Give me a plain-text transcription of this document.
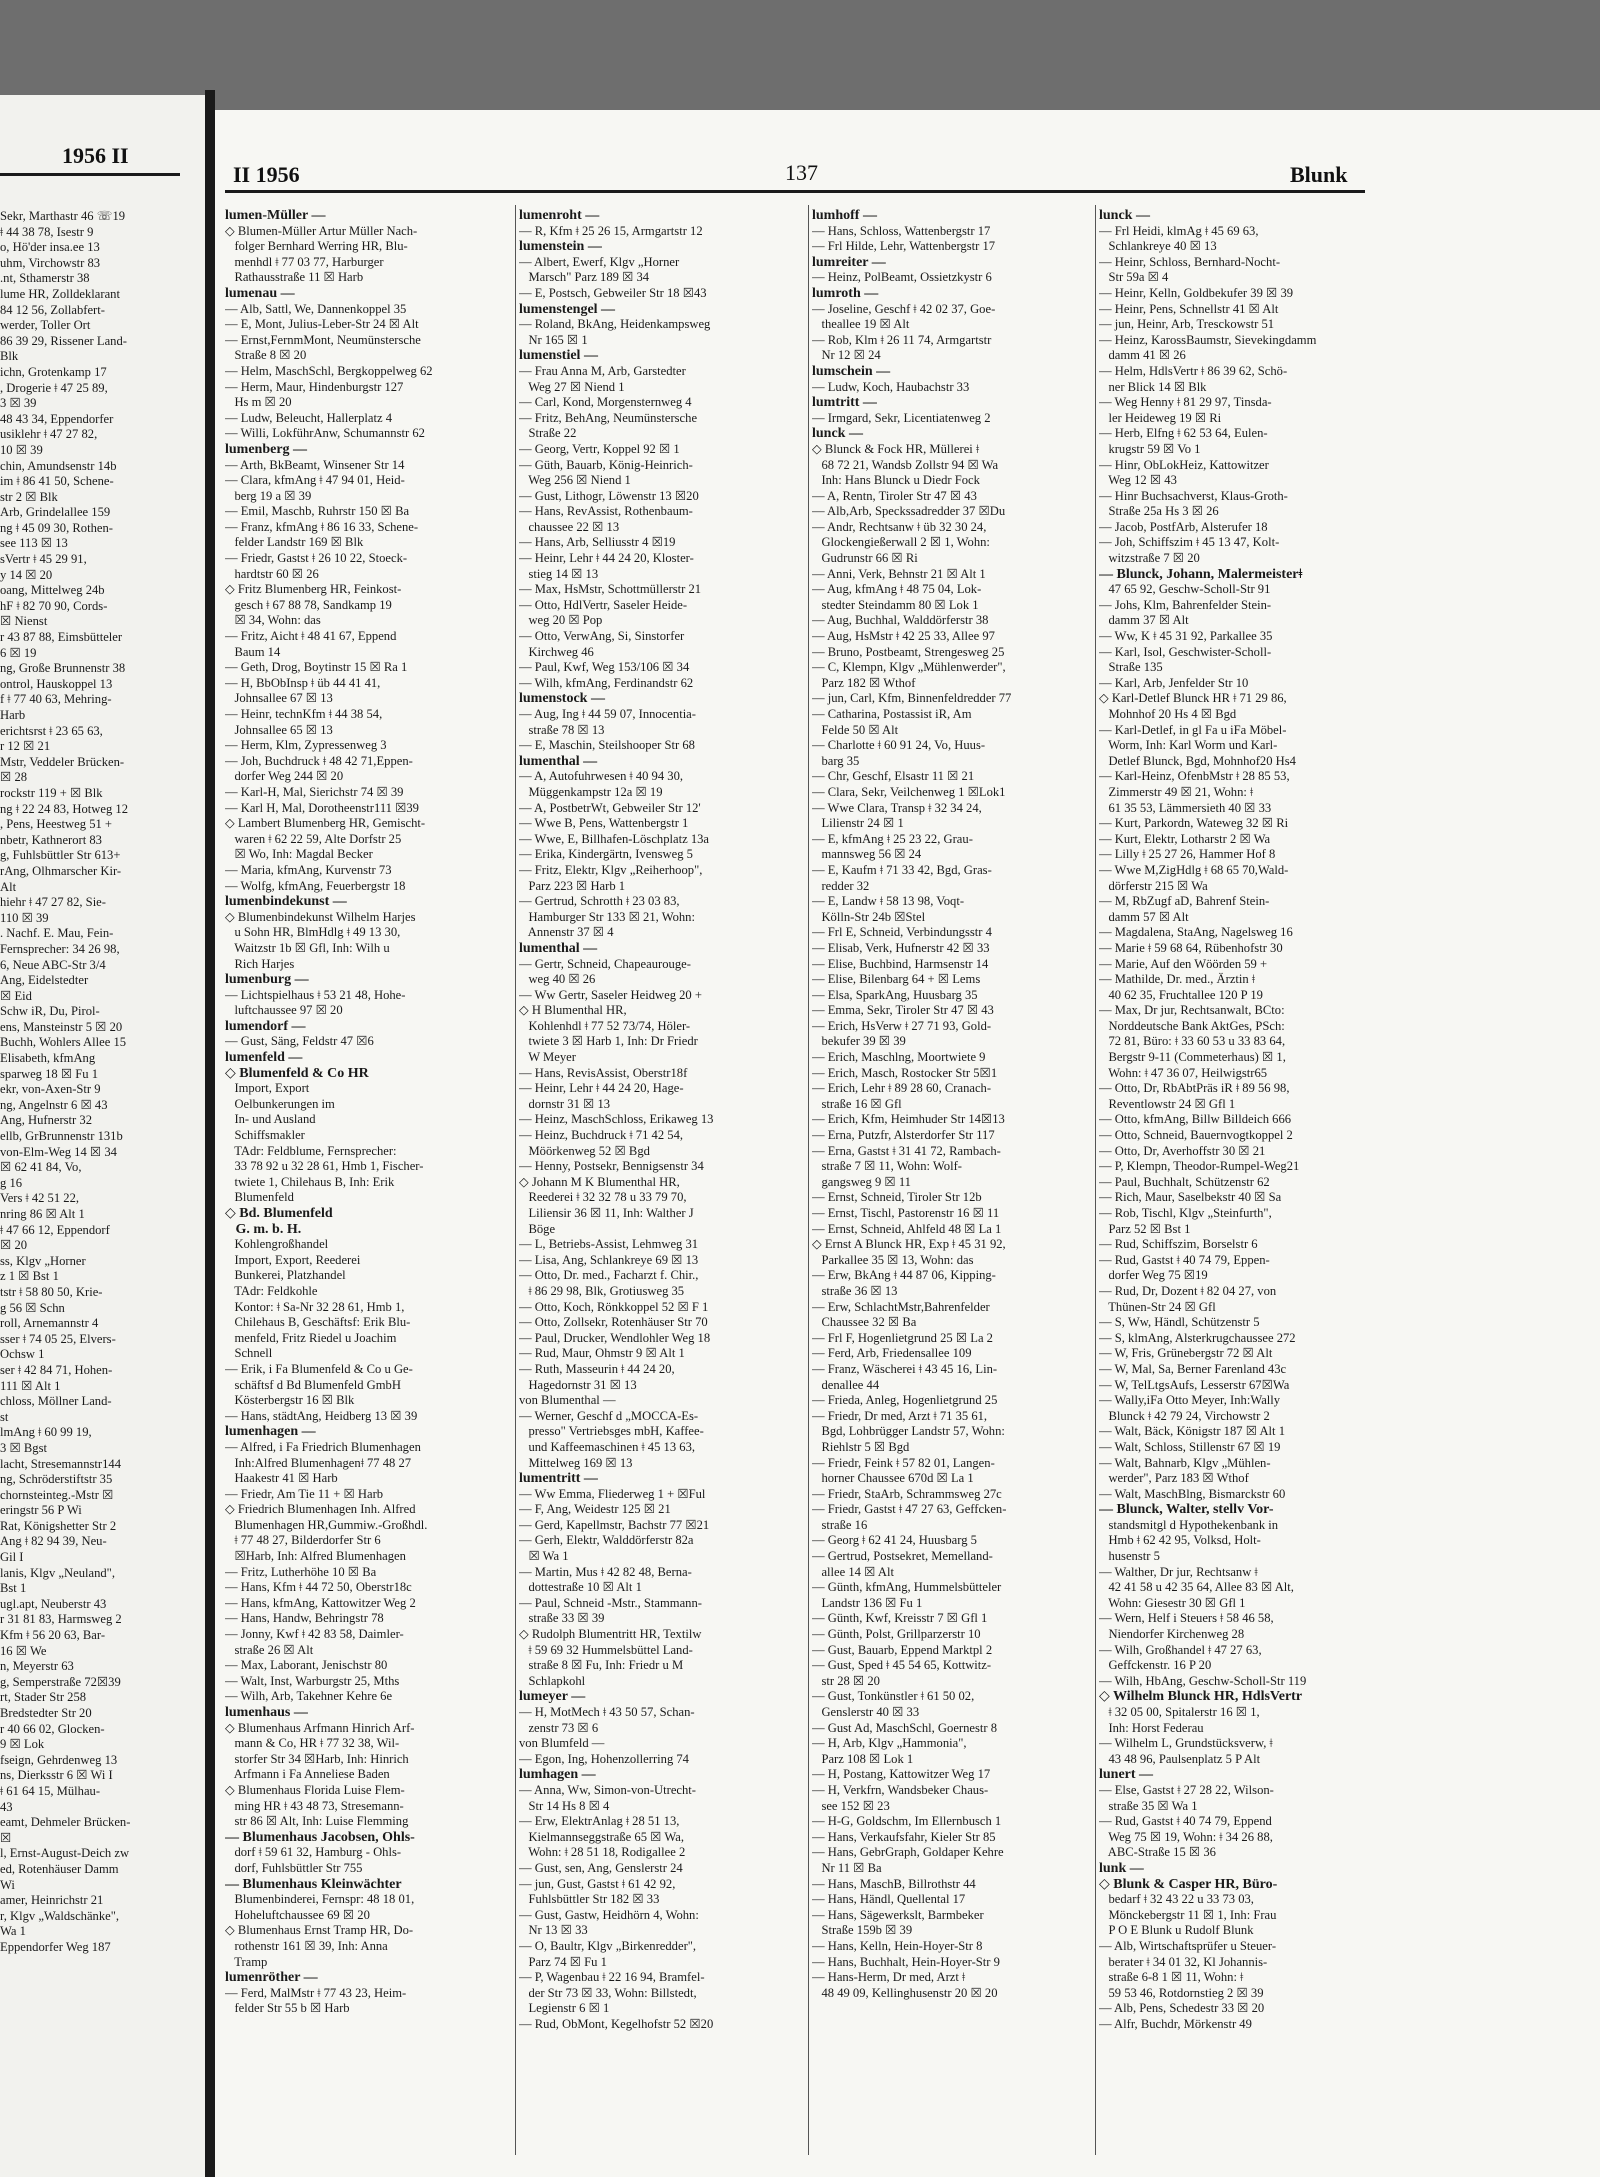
1956 II
Sekr, Marthastr 46 ☏19
ǂ 44 38 78, Isestr 9
o, Hö'der insa.ee 13
uhm, Virchowstr 83
.nt, Sthamerstr 38
lume HR, Zolldeklarant
84 12 56, Zollabfert-
werder, Toller Ort
86 39 29, Rissener Land-
Blk
ichn, Grotenkamp 17
, Drogerie ǂ 47 25 89,
3 ☒ 39
48 43 34, Eppendorfer
usiklehr ǂ 47 27 82,
10 ☒ 39
chin, Amundsenstr 14b
im ǂ 86 41 50, Schene-
str 2 ☒ Blk
Arb, Grindelallee 159
ng ǂ 45 09 30, Rothen-
see 113 ☒ 13
sVertr ǂ 45 29 91,
y 14 ☒ 20
oang, Mittelweg 24b
hF ǂ 82 70 90, Cords-
☒ Nienst
r 43 87 88, Eimsbütteler
6 ☒ 19
ng, Große Brunnenstr 38
ontrol, Hauskoppel 13
f ǂ 77 40 63, Mehring-
Harb
erichtsrst ǂ 23 65 63,
r 12 ☒ 21
Mstr, Veddeler Brücken-
☒ 28
rockstr 119 + ☒ Blk
ng ǂ 22 24 83, Hotweg 12
, Pens, Heestweg 51 +
nbetr, Kathnerort 83
g, Fuhlsbüttler Str 613+
rAng, Olhmarscher Kir-
Alt
hiehr ǂ 47 27 82, Sie-
110 ☒ 39
. Nachf. E. Mau, Fein-
Fernsprecher: 34 26 98,
6, Neue ABC-Str 3/4
Ang, Eidelstedter
☒ Eid
Schw iR, Du, Pirol-
ens, Mansteinstr 5 ☒ 20
Buchh, Wohlers Allee 15
Elisabeth, kfmAng
sparweg 18 ☒ Fu 1
ekr, von-Axen-Str 9
ng, Angelnstr 6 ☒ 43
Ang, Hufnerstr 32
ellb, GrBrunnenstr 131b
von-Elm-Weg 14 ☒ 34
☒ 62 41 84, Vo,
g 16
Vers ǂ 42 51 22,
nring 86 ☒ Alt 1
ǂ 47 66 12, Eppendorf
☒ 20
ss, Klgv „Horner
z 1 ☒ Bst 1
tstr ǂ 58 80 50, Krie-
g 56 ☒ Schn
roll, Arnemannstr 4
sser ǂ 74 05 25, Elvers-
Ochsw 1
ser ǂ 42 84 71, Hohen-
111 ☒ Alt 1
chloss, Möllner Land-
st
lmAng ǂ 60 99 19,
3 ☒ Bgst
lacht, Stresemannstr144
ng, Schröderstiftstr 35
chornsteinteg.-Mstr ☒
eringstr 56 P Wi
Rat, Königshetter Str 2
Ang ǂ 82 94 39, Neu-
Gil I
lanis, Klgv „Neuland",
Bst 1
ugl.apt, Neuberstr 43
r 31 81 83, Harmsweg 2
Kfm ǂ 56 20 63, Bar-
16 ☒ We
n, Meyerstr 63
g, Semperstraße 72☒39
rt, Stader Str 258
Bredstedter Str 20
r 40 66 02, Glocken-
9 ☒ Lok
fseign, Gehrdenweg 13
ns, Dierksstr 6 ☒ Wi I
ǂ 61 64 15, Mülhau-
43
eamt, Dehmeler Brücken-
☒
l, Ernst-August-Deich zw
ed, Rotenhäuser Damm
Wi
amer, Heinrichstr 21
r, Klgv „Waldschänke",
Wa 1
Eppendorfer Weg 187
II 1956	137	Blunk
lumen-Müller —
◇ Blumen-Müller Artur Müller Nach-
folger Bernhard Werring HR, Blu-
menhdl ǂ 77 03 77, Harburger
Rathausstraße 11 ☒ Harb
lumenau —
— Alb, Sattl, We, Dannenkoppel 35
— E, Mont, Julius-Leber-Str 24 ☒ Alt
— Ernst,FernmMont, Neumünstersche
Straße 8 ☒ 20
— Helm, MaschSchl, Bergkoppelweg 62
— Herm, Maur, Hindenburgstr 127
Hs m ☒ 20
— Ludw, Beleucht, Hallerplatz 4
— Willi, LokführAnw, Schumannstr 62
lumenberg —
— Arth, BkBeamt, Winsener Str 14
— Clara, kfmAng ǂ 47 94 01, Heid-
berg 19 a ☒ 39
— Emil, Maschb, Ruhrstr 150 ☒ Ba
— Franz, kfmAng ǂ 86 16 33, Schene-
felder Landstr 169 ☒ Blk
— Friedr, Gastst ǂ 26 10 22, Stoeck-
hardtstr 60 ☒ 26
◇ Fritz Blumenberg HR, Feinkost-
gesch ǂ 67 88 78, Sandkamp 19
☒ 34, Wohn: das
— Fritz, Aicht ǂ 48 41 67, Eppend
Baum 14
— Geth, Drog, Boytinstr 15 ☒ Ra 1
— H, BbObInsp ǂ üb 44 41 41,
Johnsallee 67 ☒ 13
— Heinr, technKfm ǂ 44 38 54,
Johnsallee 65 ☒ 13
— Herm, Klm, Zypressenweg 3
— Joh, Buchdruck ǂ 48 42 71,Eppen-
dorfer Weg 244 ☒ 20
— Karl-H, Mal, Sierichstr 74 ☒ 39
— Karl H, Mal, Dorotheenstr111 ☒39
◇ Lambert Blumenberg HR, Gemischt-
waren ǂ 62 22 59, Alte Dorfstr 25
☒ Wo, Inh: Magdal Becker
— Maria, kfmAng, Kurvenstr 73
— Wolfg, kfmAng, Feuerbergstr 18
lumenbindekunst —
◇ Blumenbindekunst Wilhelm Harjes
u Sohn HR, BlmHdlg ǂ 49 13 30,
Waitzstr 1b ☒ Gfl, Inh: Wilh u
Rich Harjes
lumenburg —
— Lichtspielhaus ǂ 53 21 48, Hohe-
luftchaussee 97 ☒ 20
lumendorf —
— Gust, Säng, Feldstr 47 ☒6
lumenfeld —
◇ Blumenfeld & Co HR
Import, Export
Oelbunkerungen im
In- und Ausland
Schiffsmakler
TAdr: Feldblume, Fernsprecher:
33 78 92 u 32 28 61, Hmb 1, Fischer-
twiete 1, Chilehaus B, Inh: Erik
Blumenfeld
◇ Bd. Blumenfeld
G. m. b. H.
Kohlengroßhandel
Import, Export, Reederei
Bunkerei, Platzhandel
TAdr: Feldkohle
Kontor: ǂ Sa-Nr 32 28 61, Hmb 1,
Chilehaus B, Geschäftsf: Erik Blu-
menfeld, Fritz Riedel u Joachim
Schnell
— Erik, i Fa Blumenfeld & Co u Ge-
schäftsf d Bd Blumenfeld GmbH
Kösterbergstr 16 ☒ Blk
— Hans, städtAng, Heidberg 13 ☒ 39
lumenhagen —
— Alfred, i Fa Friedrich Blumenhagen
Inh:Alfred Blumenhagenǂ 77 48 27
Haakestr 41 ☒ Harb
— Friedr, Am Tie 11 + ☒ Harb
◇ Friedrich Blumenhagen Inh. Alfred
Blumenhagen HR,Gummiw.-Großhdl.
ǂ 77 48 27, Bilderdorfer Str 6
☒Harb, Inh: Alfred Blumenhagen
— Fritz, Lutherhöhe 10 ☒ Ba
— Hans, Kfm ǂ 44 72 50, Oberstr18c
— Hans, kfmAng, Kattowitzer Weg 2
— Hans, Handw, Behringstr 78
— Jonny, Kwf ǂ 42 83 58, Daimler-
straße 26 ☒ Alt
— Max, Laborant, Jenischstr 80
— Walt, Inst, Warburgstr 25, Mths
— Wilh, Arb, Takehner Kehre 6e
lumenhaus —
◇ Blumenhaus Arfmann Hinrich Arf-
mann & Co, HR ǂ 77 32 38, Wil-
storfer Str 34 ☒Harb, Inh: Hinrich
Arfmann i Fa Anneliese Baden
◇ Blumenhaus Florida Luise Flem-
ming HR ǂ 43 48 73, Stresemann-
str 86 ☒ Alt, Inh: Luise Flemming
— Blumenhaus Jacobsen, Ohls-
dorf ǂ 59 61 32, Hamburg - Ohls-
dorf, Fuhlsbüttler Str 755
— Blumenhaus Kleinwächter
Blumenbinderei, Fernspr: 48 18 01,
Hoheluftchaussee 69 ☒ 20
◇ Blumenhaus Ernst Tramp HR, Do-
rothenstr 161 ☒ 39, Inh: Anna
Tramp
lumenröther —
— Ferd, MalMstr ǂ 77 43 23, Heim-
felder Str 55 b ☒ Harb
lumenroht —
— R, Kfm ǂ 25 26 15, Armgartstr 12
lumenstein —
— Albert, Ewerf, Klgv „Horner
Marsch" Parz 189 ☒ 34
— E, Postsch, Gebweiler Str 18 ☒43
lumenstengel —
— Roland, BkAng, Heidenkampsweg
Nr 165 ☒ 1
lumenstiel —
— Frau Anna M, Arb, Garstedter
Weg 27 ☒ Niend 1
— Carl, Kond, Morgensternweg 4
— Fritz, BehAng, Neumünstersche
Straße 22
— Georg, Vertr, Koppel 92 ☒ 1
— Güth, Bauarb, König-Heinrich-
Weg 256 ☒ Niend 1
— Gust, Lithogr, Löwenstr 13 ☒20
— Hans, RevAssist, Rothenbaum-
chaussee 22 ☒ 13
— Hans, Arb, Selliusstr 4 ☒19
— Heinr, Lehr ǂ 44 24 20, Kloster-
stieg 14 ☒ 13
— Max, HsMstr, Schottmüllerstr 21
— Otto, HdlVertr, Saseler Heide-
weg 20 ☒ Pop
— Otto, VerwAng, Si, Sinstorfer
Kirchweg 46
— Paul, Kwf, Weg 153/106 ☒ 34
— Wilh, kfmAng, Ferdinandstr 62
lumenstock —
— Aug, Ing ǂ 44 59 07, Innocentia-
straße 78 ☒ 13
— E, Maschin, Steilshooper Str 68
lumenthal —
— A, Autofuhrwesen ǂ 40 94 30,
Müggenkampstr 12a ☒ 19
— A, PostbetrWt, Gebweiler Str 12'
— Wwe B, Pens, Wattenbergstr 1
— Wwe, E, Billhafen-Löschplatz 13a
— Erika, Kindergärtn, Ivensweg 5
— Fritz, Elektr, Klgv „Reiherhoop",
Parz 223 ☒ Harb 1
— Gertrud, Schrotth ǂ 23 03 83,
Hamburger Str 133 ☒ 21, Wohn:
Annenstr 37 ☒ 4
lumenthal —
— Gertr, Schneid, Chapeaurouge-
weg 40 ☒ 26
— Ww Gertr, Saseler Heidweg 20 +
◇ H Blumenthal HR,
Kohlenhdl ǂ 77 52 73/74, Höler-
twiete 3 ☒ Harb 1, Inh: Dr Friedr
W Meyer
— Hans, RevisAssist, Oberstr18f
— Heinr, Lehr ǂ 44 24 20, Hage-
dornstr 31 ☒ 13
— Heinz, MaschSchloss, Erikaweg 13
— Heinz, Buchdruck ǂ 71 42 54,
Möörkenweg 52 ☒ Bgd
— Henny, Postsekr, Bennigsenstr 34
◇ Johann M K Blumenthal HR,
Reederei ǂ 32 32 78 u 33 79 70,
Liliensir 36 ☒ 11, Inh: Walther J
Böge
— L, Betriebs-Assist, Lehmweg 31
— Lisa, Ang, Schlankreye 69 ☒ 13
— Otto, Dr. med., Facharzt f. Chir.,
ǂ 86 29 98, Blk, Grotiusweg 35
— Otto, Koch, Rönkkoppel 52 ☒ F 1
— Otto, Zollsekr, Rotenhäuser Str 70
— Paul, Drucker, Wendlohler Weg 18
— Rud, Maur, Ohmstr 9 ☒ Alt 1
— Ruth, Masseurin ǂ 44 24 20,
Hagedornstr 31 ☒ 13
von Blumenthal —
— Werner, Geschf d „MOCCA-Es-
presso" Vertriebsges mbH, Kaffee-
und Kaffeemaschinen ǂ 45 13 63,
Mittelweg 169 ☒ 13
lumentritt —
— Ww Emma, Fliederweg 1 + ☒Ful
— F, Ang, Weidestr 125 ☒ 21
— Gerd, Kapellmstr, Bachstr 77 ☒21
— Gerh, Elektr, Walddörferstr 82a
☒ Wa 1
— Martin, Mus ǂ 42 82 48, Berna-
dottestraße 10 ☒ Alt 1
— Paul, Schneid -Mstr., Stammann-
straße 33 ☒ 39
◇ Rudolph Blumentritt HR, Textilw
ǂ 59 69 32 Hummelsbüttel Land-
straße 8 ☒ Fu, Inh: Friedr u M
Schlapkohl
lumeyer —
— H, MotMech ǂ 43 50 57, Schan-
zenstr 73 ☒ 6
von Blumfeld —
— Egon, Ing, Hohenzollerring 74
lumhagen —
— Anna, Ww, Simon-von-Utrecht-
Str 14 Hs 8 ☒ 4
— Erw, ElektrAnlag ǂ 28 51 13,
Kielmannseggstraße 65 ☒ Wa,
Wohn: ǂ 28 51 18, Rodigallee 2
— Gust, sen, Ang, Genslerstr 24
— jun, Gust, Gastst ǂ 61 42 92,
Fuhlsbüttler Str 182 ☒ 33
— Gust, Gastw, Heidhörn 4, Wohn:
Nr 13 ☒ 33
— O, Baultr, Klgv „Birkenredder",
Parz 74 ☒ Fu 1
— P, Wagenbau ǂ 22 16 94, Bramfel-
der Str 73 ☒ 33, Wohn: Billstedt,
Legienstr 6 ☒ 1
— Rud, ObMont, Kegelhofstr 52 ☒20
lumhoff —
— Hans, Schloss, Wattenbergstr 17
— Frl Hilde, Lehr, Wattenbergstr 17
lumreiter —
— Heinz, PolBeamt, Ossietzkystr 6
lumroth —
— Joseline, Geschf ǂ 42 02 37, Goe-
theallee 19 ☒ Alt
— Rob, Klm ǂ 26 11 74, Armgartstr
Nr 12 ☒ 24
lumschein —
— Ludw, Koch, Haubachstr 33
lumtritt —
— Irmgard, Sekr, Licentiatenweg 2
lunck —
◇ Blunck & Fock HR, Müllerei ǂ
68 72 21, Wandsb Zollstr 94 ☒ Wa
Inh: Hans Blunck u Diedr Fock
— A, Rentn, Tiroler Str 47 ☒ 43
— Alb,Arb, Speckssadredder 37 ☒Du
— Andr, Rechtsanw ǂ üb 32 30 24,
Glockengießerwall 2 ☒ 1, Wohn:
Gudrunstr 66 ☒ Ri
— Anni, Verk, Behnstr 21 ☒ Alt 1
— Aug, kfmAng ǂ 48 75 04, Lok-
stedter Steindamm 80 ☒ Lok 1
— Aug, Buchhal, Walddörferstr 38
— Aug, HsMstr ǂ 42 25 33, Allee 97
— Bruno, Postbeamt, Strengesweg 25
— C, Klempn, Klgv „Mühlenwerder",
Parz 182 ☒ Wthof
— jun, Carl, Kfm, Binnenfeldredder 77
— Catharina, Postassist iR, Am
Felde 50 ☒ Alt
— Charlotte ǂ 60 91 24, Vo, Huus-
barg 35
— Chr, Geschf, Elsastr 11 ☒ 21
— Clara, Sekr, Veilchenweg 1 ☒Lok1
— Wwe Clara, Transp ǂ 32 34 24,
Lilienstr 24 ☒ 1
— E, kfmAng ǂ 25 23 22, Grau-
mannsweg 56 ☒ 24
— E, Kaufm ǂ 71 33 42, Bgd, Gras-
redder 32
— E, Landw ǂ 58 13 98, Voqt-
Kölln-Str 24b ☒Stel
— Frl E, Schneid, Verbindungsstr 4
— Elisab, Verk, Hufnerstr 42 ☒ 33
— Elise, Buchbind, Harmsenstr 14
— Elise, Bilenbarg 64 + ☒ Lems
— Elsa, SparkAng, Huusbarg 35
— Emma, Sekr, Tiroler Str 47 ☒ 43
— Erich, HsVerw ǂ 27 71 93, Gold-
bekufer 39 ☒ 39
— Erich, Maschlng, Moortwiete 9
— Erich, Masch, Rostocker Str 5☒1
— Erich, Lehr ǂ 89 28 60, Cranach-
straße 16 ☒ Gfl
— Erich, Kfm, Heimhuder Str 14☒13
— Erna, Putzfr, Alsterdorfer Str 117
— Erna, Gastst ǂ 31 41 72, Rambach-
straße 7 ☒ 11, Wohn: Wolf-
gangsweg 9 ☒ 11
— Ernst, Schneid, Tiroler Str 12b
— Ernst, Tischl, Pastorenstr 16 ☒ 11
— Ernst, Schneid, Ahlfeld 48 ☒ La 1
◇ Ernst A Blunck HR, Exp ǂ 45 31 92,
Parkallee 35 ☒ 13, Wohn: das
— Erw, BkAng ǂ 44 87 06, Kipping-
straße 36 ☒ 13
— Erw, SchlachtMstr,Bahrenfelder
Chaussee 32 ☒ Ba
— Frl F, Hogenlietgrund 25 ☒ La 2
— Ferd, Arb, Friedensallee 109
— Franz, Wäscherei ǂ 43 45 16, Lin-
denallee 44
— Frieda, Anleg, Hogenlietgrund 25
— Friedr, Dr med, Arzt ǂ 71 35 61,
Bgd, Lohbrügger Landstr 57, Wohn:
Riehlstr 5 ☒ Bgd
— Friedr, Feink ǂ 57 82 01, Langen-
horner Chaussee 670d ☒ La 1
— Friedr, StaArb, Schrammsweg 27c
— Friedr, Gastst ǂ 47 27 63, Geffcken-
straße 16
— Georg ǂ 62 41 24, Huusbarg 5
— Gertrud, Postsekret, Memelland-
allee 14 ☒ Alt
— Günth, kfmAng, Hummelsbütteler
Landstr 136 ☒ Fu 1
— Günth, Kwf, Kreisstr 7 ☒ Gfl 1
— Günth, Polst, Grillparzerstr 10
— Gust, Bauarb, Eppend Marktpl 2
— Gust, Sped ǂ 45 54 65, Kottwitz-
str 28 ☒ 20
— Gust, Tonkünstler ǂ 61 50 02,
Genslerstr 40 ☒ 33
— Gust Ad, MaschSchl, Goernestr 8
— H, Arb, Klgv „Hammonia",
Parz 108 ☒ Lok 1
— H, Postang, Kattowitzer Weg 17
— H, Verkfrn, Wandsbeker Chaus-
see 152 ☒ 23
— H-G, Goldschm, Im Ellernbusch 1
— Hans, Verkaufsfahr, Kieler Str 85
— Hans, GebrGraph, Goldaper Kehre
Nr 11 ☒ Ba
— Hans, MaschB, Billrothstr 44
— Hans, Händl, Quellental 17
— Hans, Sägewerkslt, Barmbeker
Straße 159b ☒ 39
— Hans, Kelln, Hein-Hoyer-Str 8
— Hans, Buchhalt, Hein-Hoyer-Str 9
— Hans-Herm, Dr med, Arzt ǂ
48 49 09, Kellinghusenstr 20 ☒ 20
lunck —
— Frl Heidi, klmAg ǂ 45 69 63,
Schlankreye 40 ☒ 13
— Heinr, Schloss, Bernhard-Nocht-
Str 59a ☒ 4
— Heinr, Kelln, Goldbekufer 39 ☒ 39
— Heinr, Pens, Schnellstr 41 ☒ Alt
— jun, Heinr, Arb, Tresckowstr 51
— Heinz, KarossBaumstr, Sievekingdamm
damm 41 ☒ 26
— Helm, HdlsVertr ǂ 86 39 62, Schö-
ner Blick 14 ☒ Blk
— Weg Henny ǂ 81 29 97, Tinsda-
ler Heideweg 19 ☒ Ri
— Herb, Elfng ǂ 62 53 64, Eulen-
krugstr 59 ☒ Vo 1
— Hinr, ObLokHeiz, Kattowitzer
Weg 12 ☒ 43
— Hinr Buchsachverst, Klaus-Groth-
Straße 25a Hs 3 ☒ 26
— Jacob, PostfArb, Alsterufer 18
— Joh, Schiffszim ǂ 45 13 47, Kolt-
witzstraße 7 ☒ 20
— Blunck, Johann, Malermeisterǂ
47 65 92, Geschw-Scholl-Str 91
— Johs, Klm, Bahrenfelder Stein-
damm 37 ☒ Alt
— Ww, K ǂ 45 31 92, Parkallee 35
— Karl, Isol, Geschwister-Scholl-
Straße 135
— Karl, Arb, Jenfelder Str 10
◇ Karl-Detlef Blunck HR ǂ 71 29 86,
Mohnhof 20 Hs 4 ☒ Bgd
— Karl-Detlef, in gl Fa u iFa Möbel-
Worm, Inh: Karl Worm und Karl-
Detlef Blunck, Bgd, Mohnhof20 Hs4
— Karl-Heinz, OfenbMstr ǂ 28 85 53,
Zimmerstr 49 ☒ 21, Wohn: ǂ
61 35 53, Lämmersieth 40 ☒ 33
— Kurt, Parkordn, Wateweg 32 ☒ Ri
— Kurt, Elektr, Lotharstr 2 ☒ Wa
— Lilly ǂ 25 27 26, Hammer Hof 8
— Wwe M,ZigHdlg ǂ 68 65 70,Wald-
dörferstr 215 ☒ Wa
— M, RbZugf aD, Bahrenf Stein-
damm 57 ☒ Alt
— Magdalena, StaAng, Nagelsweg 16
— Marie ǂ 59 68 64, Rübenhofstr 30
— Marie, Auf den Wöörden 59 +
— Mathilde, Dr. med., Ärztin ǂ
40 62 35, Fruchtallee 120 P 19
— Max, Dr jur, Rechtsanwalt, BCto:
Norddeutsche Bank AktGes, PSch:
72 81, Büro: ǂ 33 60 53 u 33 83 64,
Bergstr 9-11 (Commeterhaus) ☒ 1,
Wohn: ǂ 47 36 07, Heilwigstr65
— Otto, Dr, RbAbtPräs iR ǂ 89 56 98,
Reventlowstr 24 ☒ Gfl 1
— Otto, kfmAng, Billw Billdeich 666
— Otto, Schneid, Bauernvogtkoppel 2
— Otto, Dr, Averhoffstr 30 ☒ 21
— P, Klempn, Theodor-Rumpel-Weg21
— Paul, Buchhalt, Schützenstr 62
— Rich, Maur, Saselbekstr 40 ☒ Sa
— Rob, Tischl, Klgv „Steinfurth",
Parz 52 ☒ Bst 1
— Rud, Schiffszim, Borselstr 6
— Rud, Gastst ǂ 40 74 79, Eppen-
dorfer Weg 75 ☒19
— Rud, Dr, Dozent ǂ 82 04 27, von
Thünen-Str 24 ☒ Gfl
— S, Ww, Händl, Schützenstr 5
— S, klmAng, Alsterkrugchaussee 272
— W, Fris, Grünebergstr 72 ☒ Alt
— W, Mal, Sa, Berner Farenland 43c
— W, TelLtgsAufs, Lesserstr 67☒Wa
— Wally,iFa Otto Meyer, Inh:Wally
Blunck ǂ 42 79 24, Virchowstr 2
— Walt, Bäck, Königstr 187 ☒ Alt 1
— Walt, Schloss, Stillenstr 67 ☒ 19
— Walt, Bahnarb, Klgv „Mühlen-
werder", Parz 183 ☒ Wthof
— Walt, MaschBlng, Bismarckstr 60
— Blunck, Walter, stellv Vor-
standsmitgl d Hypothekenbank in
Hmb ǂ 62 42 95, Volksd, Holt-
husenstr 5
— Walther, Dr jur, Rechtsanw ǂ
42 41 58 u 42 35 64, Allee 83 ☒ Alt,
Wohn: Giesestr 30 ☒ Gfl 1
— Wern, Helf i Steuers ǂ 58 46 58,
Niendorfer Kirchenweg 28
— Wilh, Großhandel ǂ 47 27 63,
Geffckenstr. 16 P 20
— Wilh, HbAng, Geschw-Scholl-Str 119
◇ Wilhelm Blunck HR, HdlsVertr
ǂ 32 05 00, Spitalerstr 16 ☒ 1,
Inh: Horst Federau
— Wilhelm L, Grundstücksverw, ǂ
43 48 96, Paulsenplatz 5 P Alt
lunert —
— Else, Gastst ǂ 27 28 22, Wilson-
straße 35 ☒ Wa 1
— Rud, Gastst ǂ 40 74 79, Eppend
Weg 75 ☒ 19, Wohn: ǂ 34 26 88,
ABC-Straße 15 ☒ 36
lunk —
◇ Blunk & Casper HR, Büro-
bedarf ǂ 32 43 22 u 33 73 03,
Mönckebergstr 11 ☒ 1, Inh: Frau
P O E Blunk u Rudolf Blunk
— Alb, Wirtschaftsprüfer u Steuer-
berater ǂ 34 01 32, Kl Johannis-
straße 6-8 1 ☒ 11, Wohn: ǂ
59 53 46, Rotdornstieg 2 ☒ 39
— Alb, Pens, Schedestr 33 ☒ 20
— Alfr, Buchdr, Mörkenstr 49
